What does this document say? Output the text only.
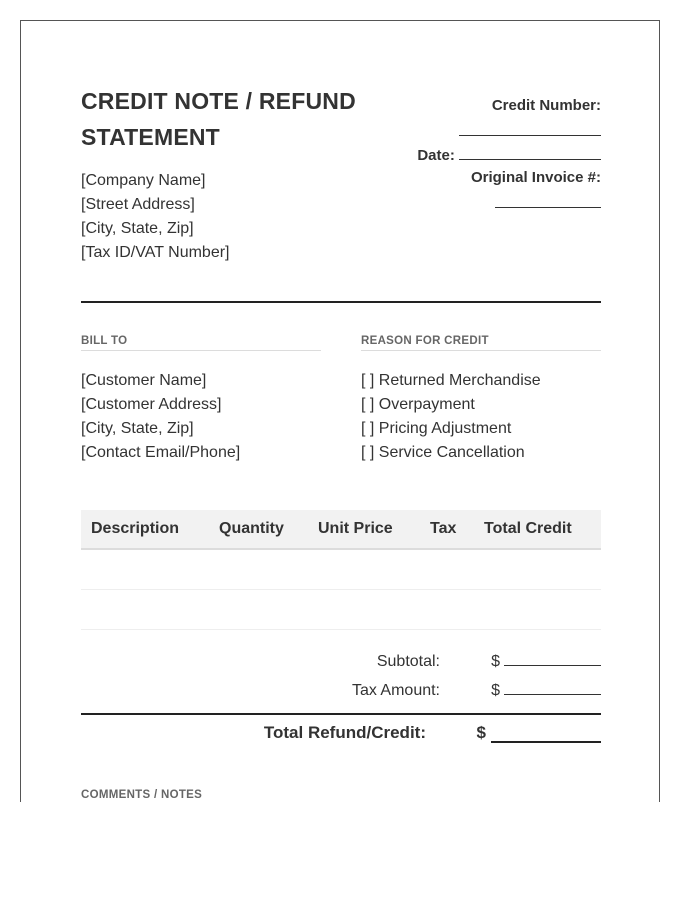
CREDIT NOTE / REFUND STATEMENT
[Company Name]
[Street Address]
[City, State, Zip]
[Tax ID/VAT Number]
Credit Number:
Date:
Original Invoice #:
BILL TO
[Customer Name]
[Customer Address]
[City, State, Zip]
[Contact Email/Phone]
REASON FOR CREDIT
[ ] Returned Merchandise
[ ] Overpayment
[ ] Pricing Adjustment
[ ] Service Cancellation
Description	Quantity	Unit Price	Tax	Total Credit

Subtotal:	$
Tax Amount:	$
Total Refund/Credit:	$
COMMENTS / NOTES
